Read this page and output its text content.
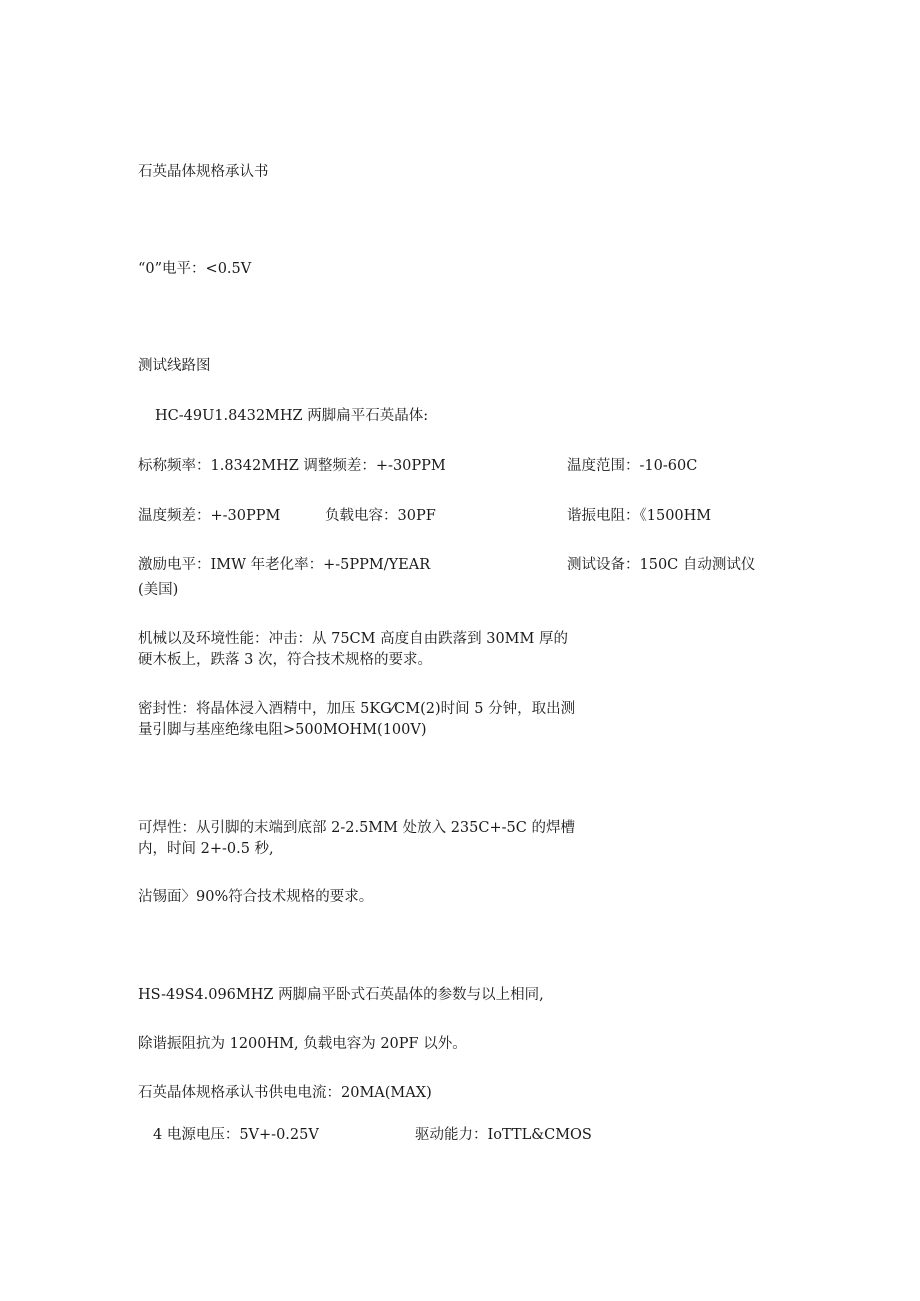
石英晶体规格承认书
“0”电平：<0.5V
测试线路图
HC-49U1.8432MHZ 两脚扁平石英晶体:
标称频率：1.8342MHZ 调整频差：+-30PPM	温度范围：-10-60C
温度频差：+-30PPM	负载电容：30PF	谐振电阻：《1500HM
激励电平：IMW 年老化率：+-5PPM/YEAR	测试设备：150C 自动测试仪
(美国)
机械以及环境性能：冲击：从 75CM 高度自由跌落到 30MM 厚的硬木板上，跌落 3 次，符合技术规格的要求。
密封性：将晶体浸入酒精中，加压 5KG⁄CM(2)时间 5 分钟，取出测量引脚与基座绝缘电阻>500MOHM(100V)
可焊性：从引脚的末端到底部 2-2.5MM 处放入 235C+-5C 的焊槽内，时间 2+-0.5 秒,
沾锡面〉90%符合技术规格的要求。
HS-49S4.096MHZ 两脚扁平卧式石英晶体的参数与以上相同,
除谐振阻抗为 1200HM, 负载电容为 20PF 以外。
石英晶体规格承认书供电电流：20MA(MAX)
4 电源电压：5V+-0.25V	驱动能力：IoTTL&CMOS
